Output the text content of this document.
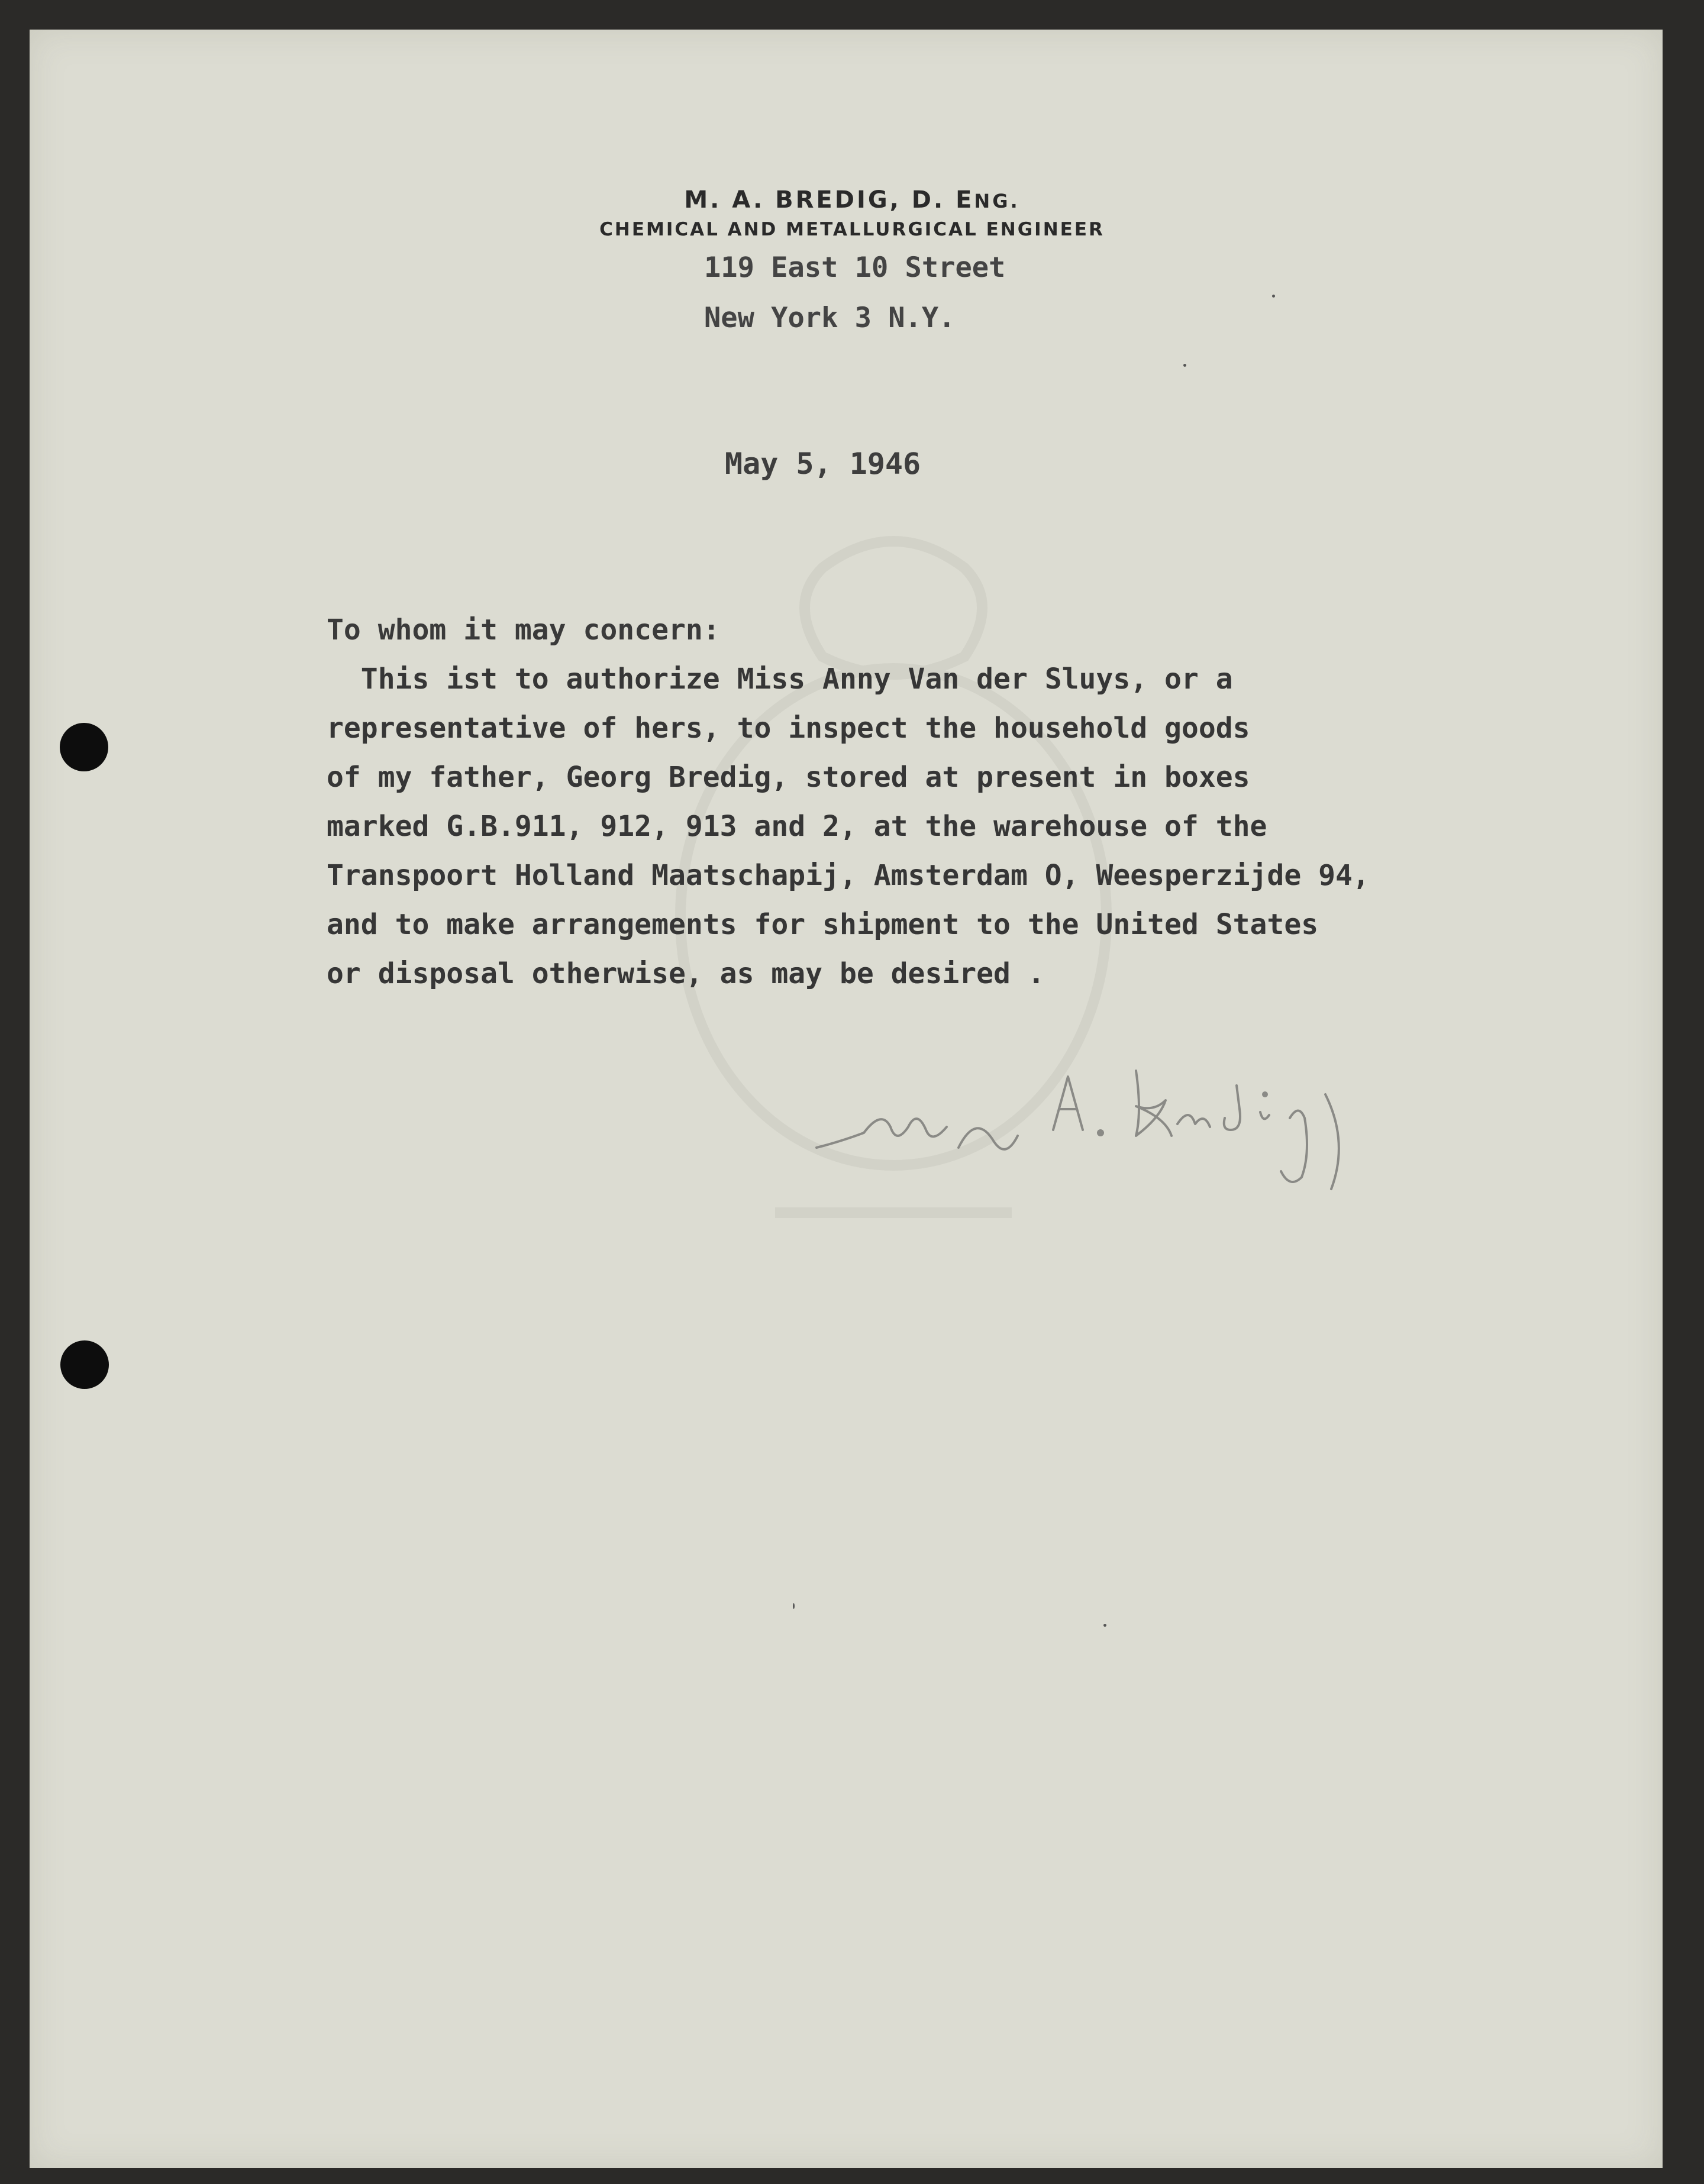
M. A. BREDIG, D. ENG.
CHEMICAL AND METALLURGICAL ENGINEER

119 East 10 Street

New York 3 N.Y.

May 5, 1946

To whom it may concern:

This ist to authorize Miss Anny Van der Sluys, or a

representative of hers, to inspect the household goods

of my father, Georg Bredig, stored at present in boxes

marked G.B.911, 912, 913 and 2, at the warehouse of the

Transpoort Holland Maatschapij, Amsterdam O, Weesperzijde 94,

and to make arrangements for shipment to the United States

or disposal otherwise, as may be desired .
